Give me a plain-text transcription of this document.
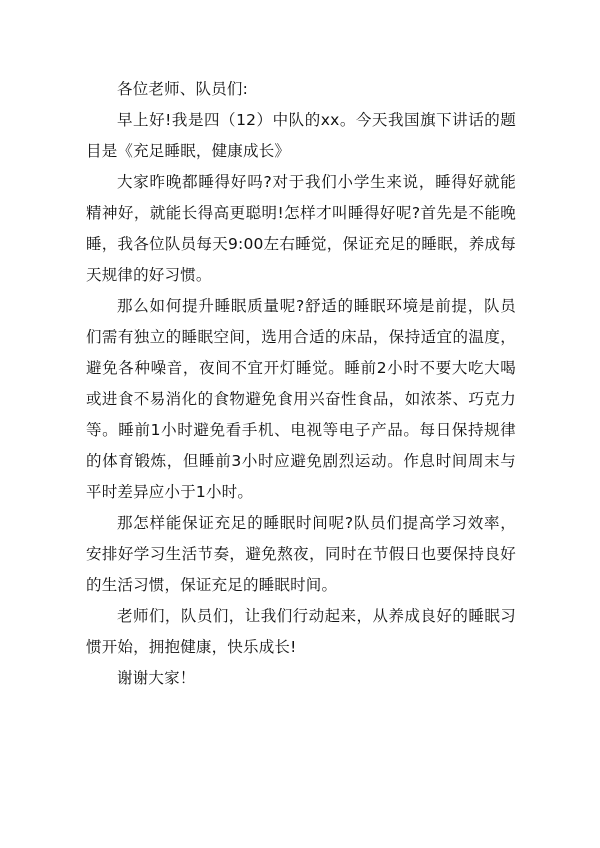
各位老师、队员们:

早上好!我是四（12）中队的xx。今天我国旗下讲话的题目是《充足睡眠，健康成长》

大家昨晚都睡得好吗?对于我们小学生来说，睡得好就能精神好，就能长得高更聪明!怎样才叫睡得好呢?首先是不能晚睡，我各位队员每天9:00左右睡觉，保证充足的睡眠，养成每天规律的好习惯。

那么如何提升睡眠质量呢?舒适的睡眠环境是前提，队员们需有独立的睡眠空间，选用合适的床品，保持适宜的温度，避免各种噪音，夜间不宜开灯睡觉。睡前2小时不要大吃大喝或进食不易消化的食物避免食用兴奋性食品，如浓茶、巧克力等。睡前1小时避免看手机、电视等电子产品。每日保持规律的体育锻炼，但睡前3小时应避免剧烈运动。作息时间周末与平时差异应小于1小时。

那怎样能保证充足的睡眠时间呢?队员们提高学习效率，安排好学习生活节奏，避免熬夜，同时在节假日也要保持良好的生活习惯，保证充足的睡眠时间。

老师们，队员们，让我们行动起来，从养成良好的睡眠习惯开始，拥抱健康，快乐成长!

谢谢大家！
